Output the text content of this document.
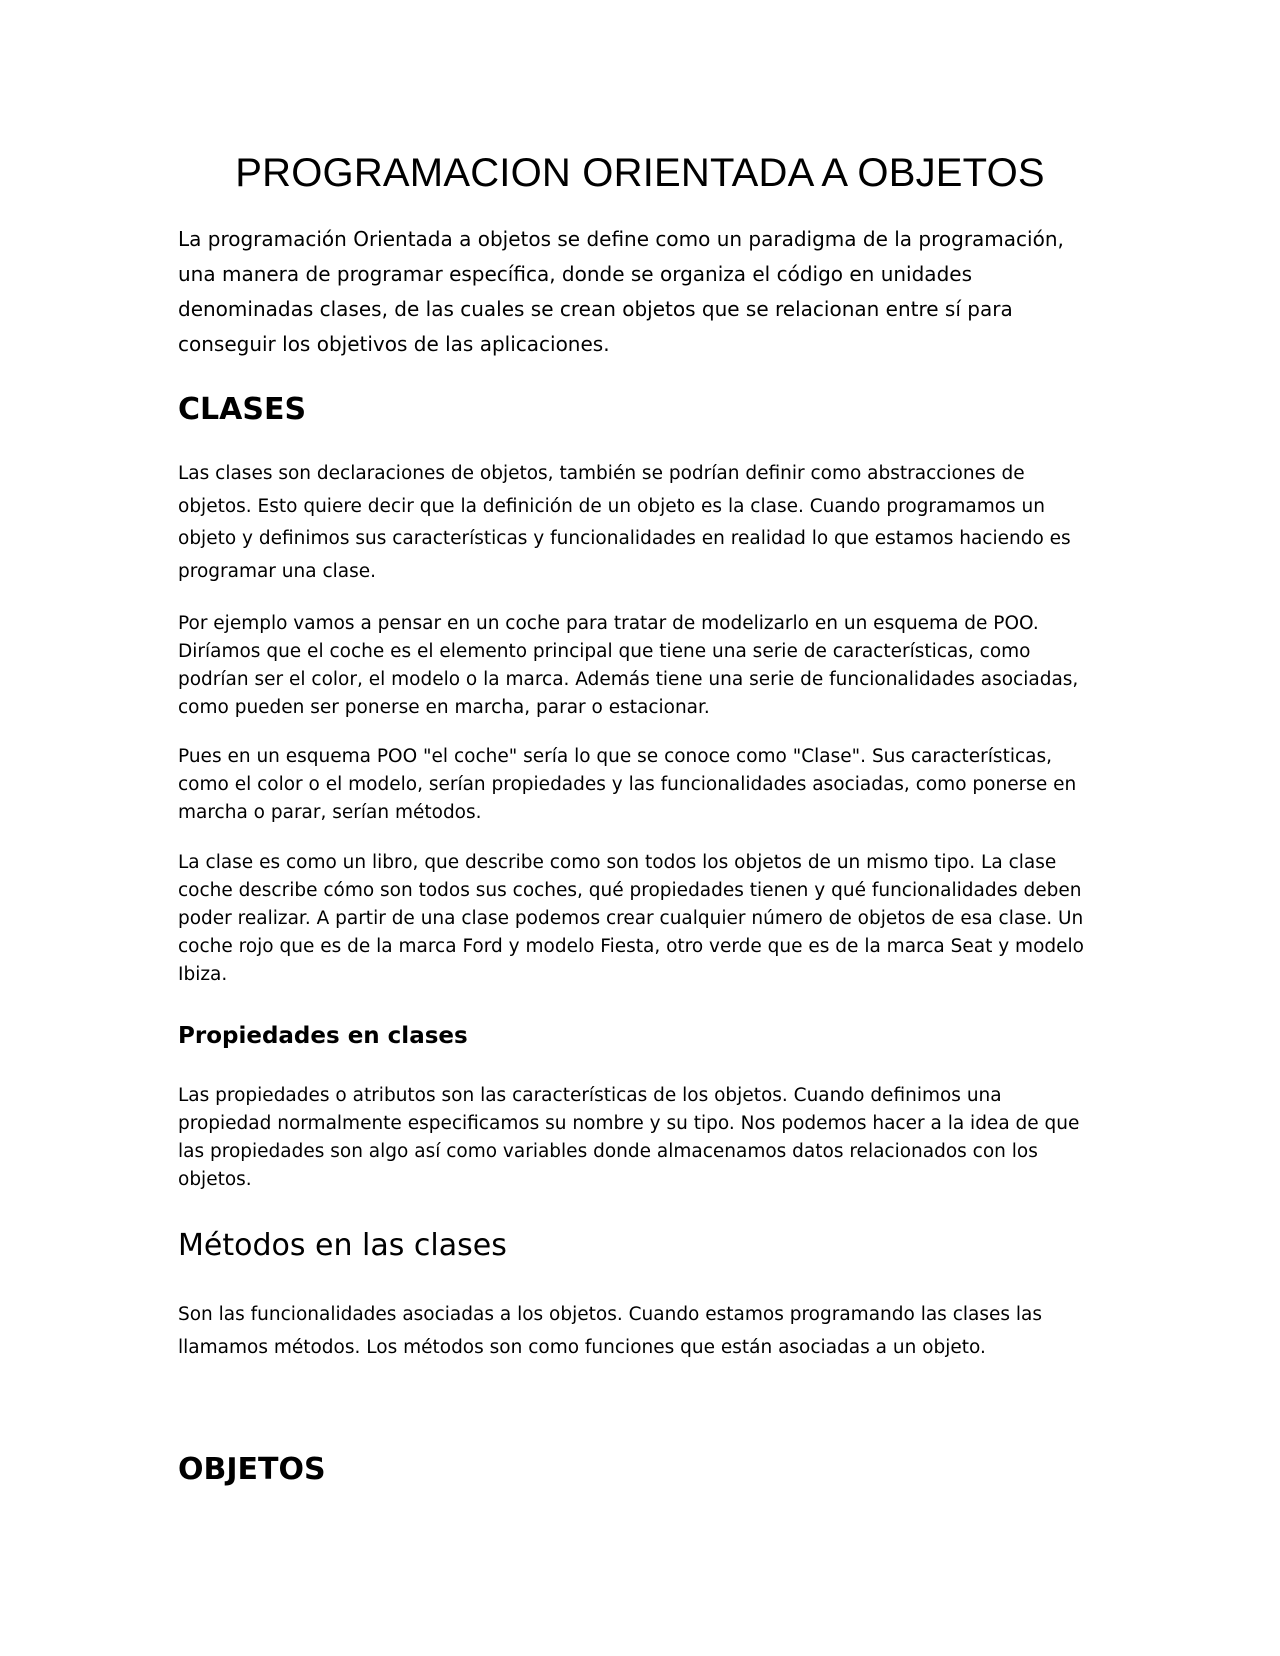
PROGRAMACION ORIENTADA A OBJETOS

La programación Orientada a objetos se define como un paradigma de la programación, una manera de programar específica, donde se organiza el código en unidades denominadas clases, de las cuales se crean objetos que se relacionan entre sí para conseguir los objetivos de las aplicaciones.

CLASES

Las clases son declaraciones de objetos, también se podrían definir como abstracciones de objetos. Esto quiere decir que la definición de un objeto es la clase. Cuando programamos un objeto y definimos sus características y funcionalidades en realidad lo que estamos haciendo es programar una clase.

Por ejemplo vamos a pensar en un coche para tratar de modelizarlo en un esquema de POO. Diríamos que el coche es el elemento principal que tiene una serie de características, como podrían ser el color, el modelo o la marca. Además tiene una serie de funcionalidades asociadas, como pueden ser ponerse en marcha, parar o estacionar.

Pues en un esquema POO "el coche" sería lo que se conoce como "Clase". Sus características, como el color o el modelo, serían propiedades y las funcionalidades asociadas, como ponerse en marcha o parar, serían métodos.

La clase es como un libro, que describe como son todos los objetos de un mismo tipo. La clase coche describe cómo son todos sus coches, qué propiedades tienen y qué funcionalidades deben poder realizar. A partir de una clase podemos crear cualquier número de objetos de esa clase. Un coche rojo que es de la marca Ford y modelo Fiesta, otro verde que es de la marca Seat y modelo Ibiza.

Propiedades en clases

Las propiedades o atributos son las características de los objetos. Cuando definimos una propiedad normalmente especificamos su nombre y su tipo. Nos podemos hacer a la idea de que las propiedades son algo así como variables donde almacenamos datos relacionados con los objetos.

Métodos en las clases

Son las funcionalidades asociadas a los objetos. Cuando estamos programando las clases las llamamos métodos. Los métodos son como funciones que están asociadas a un objeto.

OBJETOS
